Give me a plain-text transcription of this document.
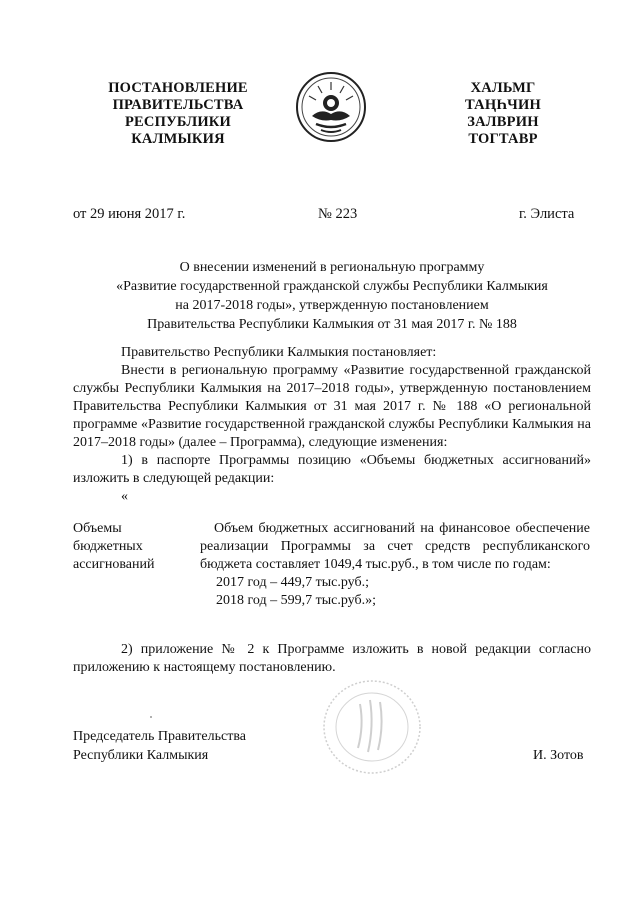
ПОСТАНОВЛЕНИЕ
ПРАВИТЕЛЬСТВА
РЕСПУБЛИКИ
КАЛМЫКИЯ
ХАЛЬМГ
ТАҢҺЧИН
ЗАЛВРИН
ТОГТАВР
от 29 июня 2017 г.	№ 223	г. Элиста
О внесении изменений в региональную программу
«Развитие государственной гражданской службы Республики Калмыкия
на 2017-2018 годы», утвержденную постановлением
Правительства Республики Калмыкия от 31 мая 2017 г. № 188
Правительство Республики Калмыкия постановляет:
Внести в региональную программу «Развитие государственной гражданской службы Республики Калмыкия на 2017–2018 годы», утвержденную постановлением Правительства Республики Калмыкия от 31 мая 2017 г. № 188 «О региональной программе «Развитие государственной гражданской службы Республики Калмыкия на 2017–2018 годы» (далее – Программа), следующие изменения:
1) в паспорте Программы позицию «Объемы бюджетных ассигнований» изложить в следующей редакции:
«
Объемы
бюджетных
ассигнований
Объем бюджетных ассигнований на финансовое обеспечение реализации Программы за счет средств республиканского бюджета составляет 1049,4 тыс.руб., в том числе по годам:
2017 год – 449,7 тыс.руб.;
2018 год – 599,7 тыс.руб.»;
2) приложение № 2 к Программе изложить в новой редакции согласно приложению к настоящему постановлению.
Председатель Правительства
Республики Калмыкия	И. Зотов
